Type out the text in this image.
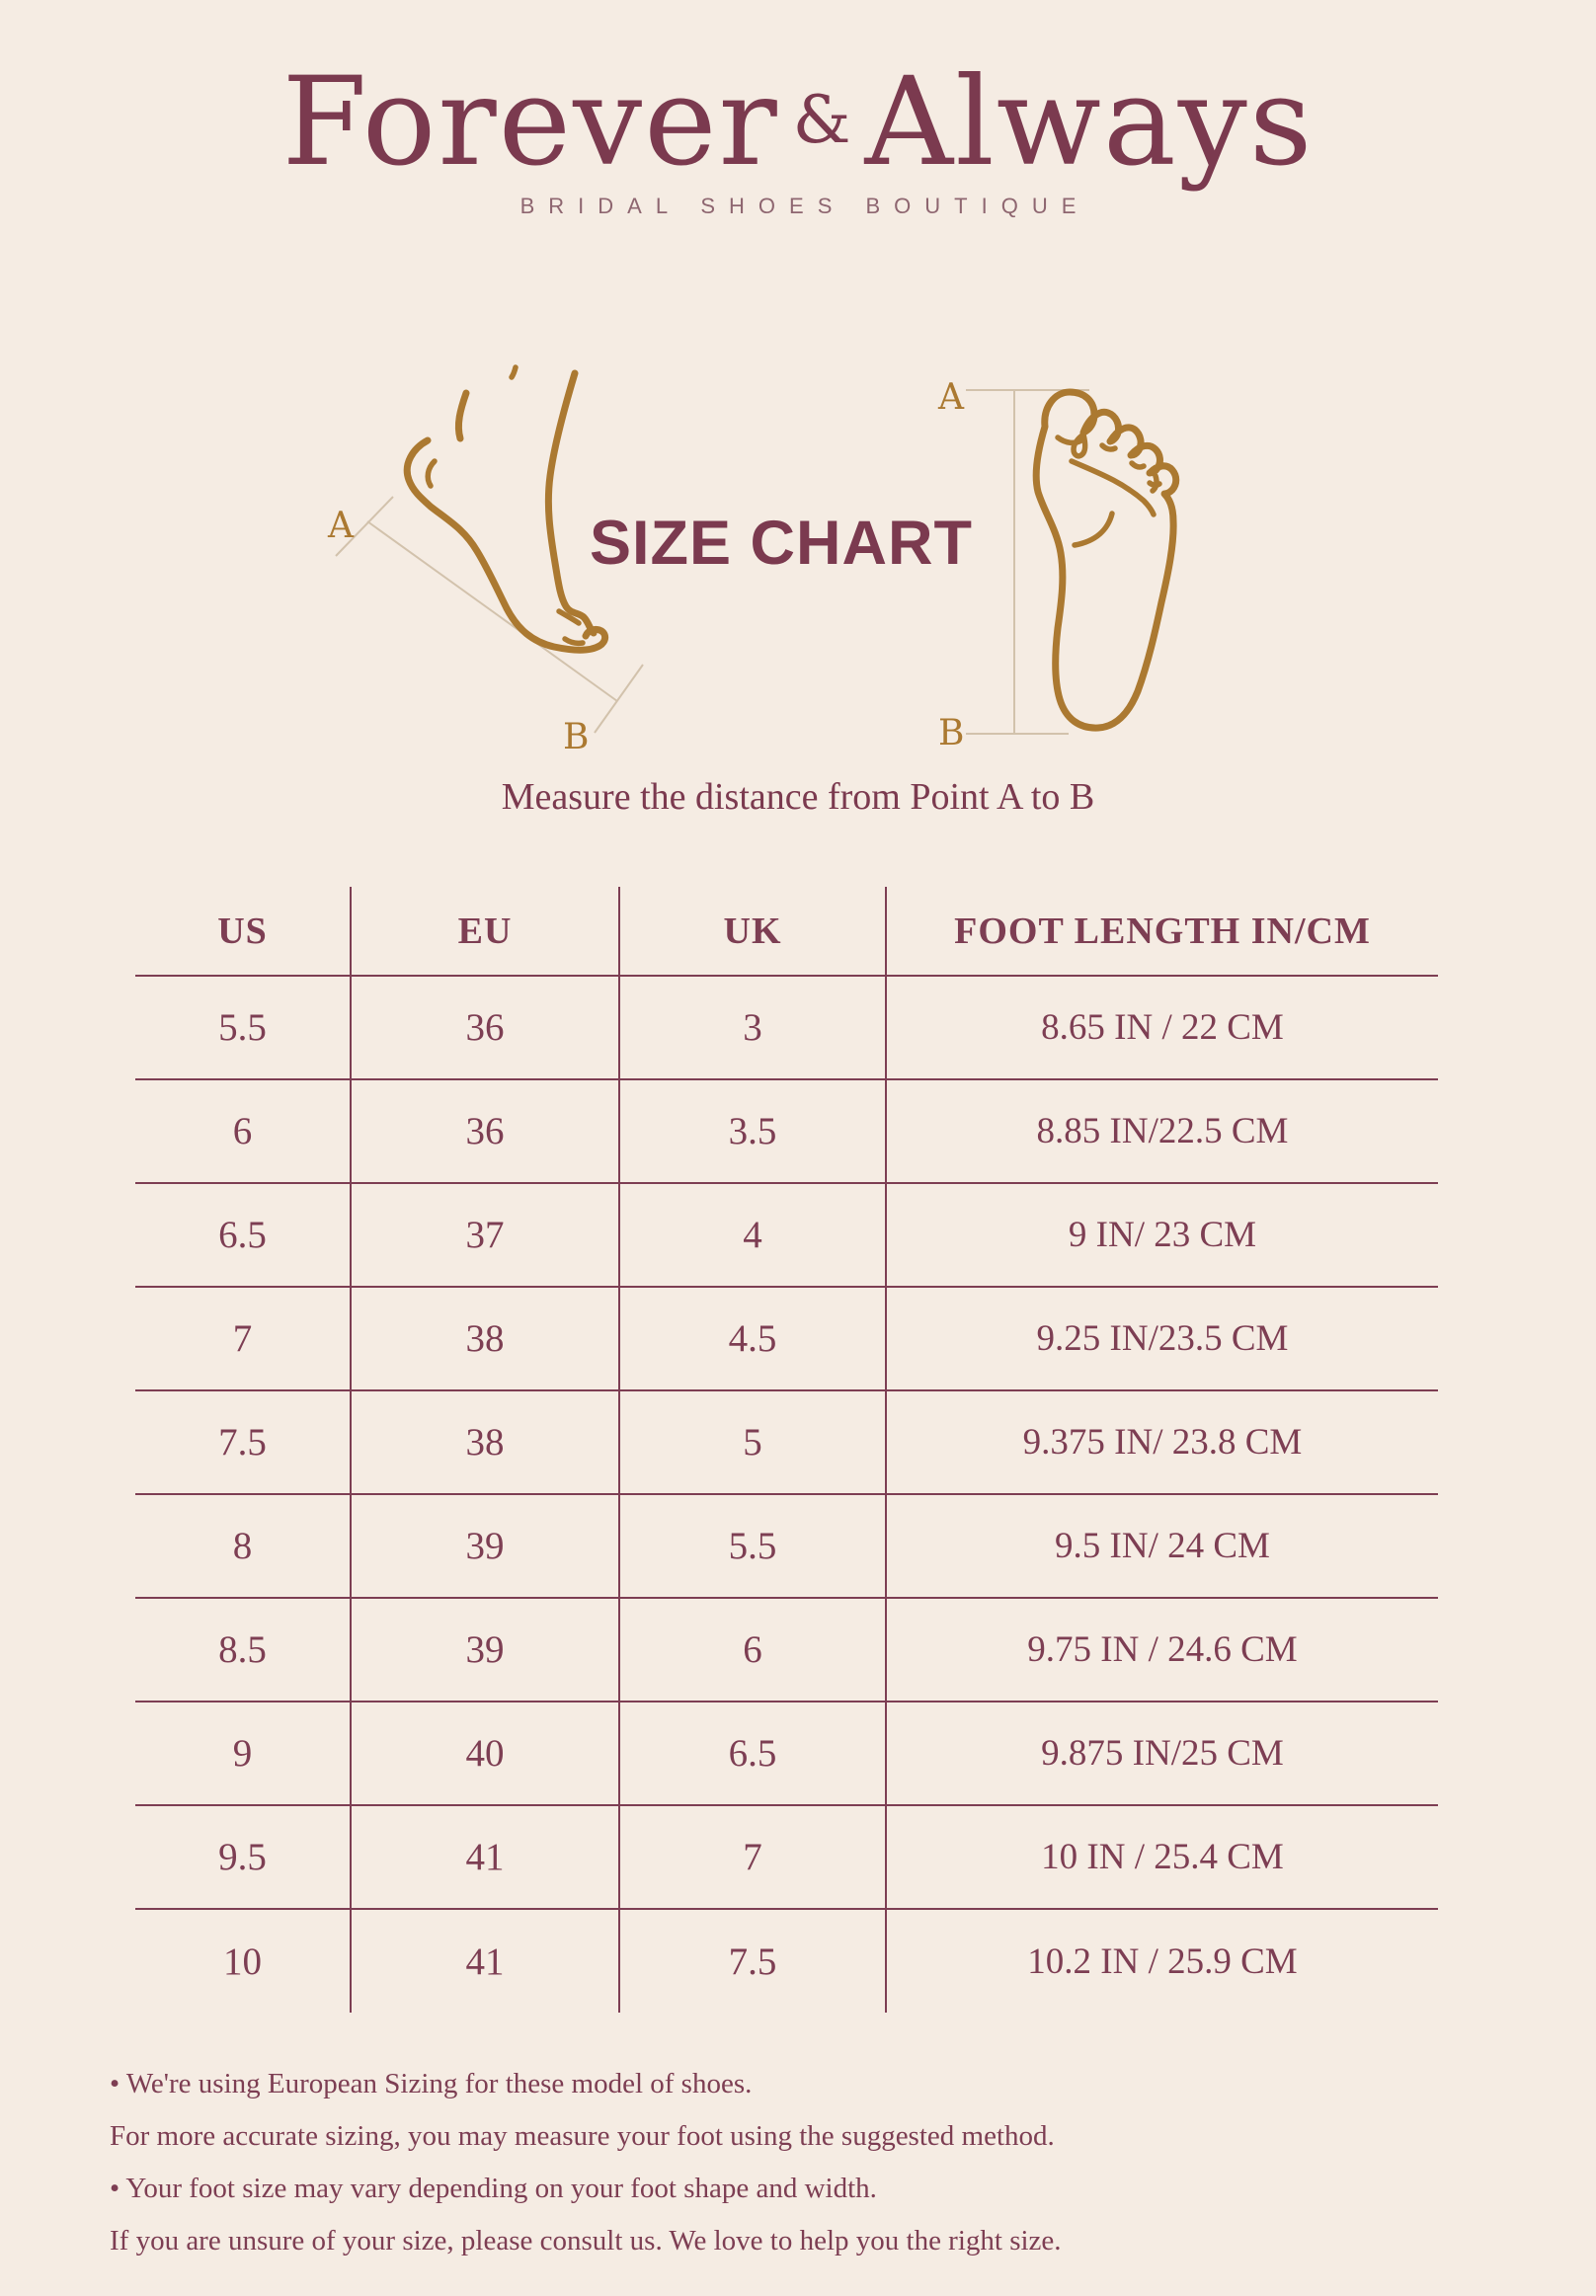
Forever & Always
BRIDAL SHOES BOUTIQUE
A
B
SIZE CHART
A
B

Measure the distance from Point A to B

US	EU	UK	FOOT LENGTH IN/CM
5.5	36	3	8.65 IN / 22 CM
6	36	3.5	8.85 IN/22.5 CM
6.5	37	4	9 IN/ 23 CM
7	38	4.5	9.25 IN/23.5 CM
7.5	38	5	9.375 IN/ 23.8 CM
8	39	5.5	9.5 IN/ 24 CM
8.5	39	6	9.75 IN / 24.6 CM
9	40	6.5	9.875 IN/25 CM
9.5	41	7	10 IN / 25.4 CM
10	41	7.5	10.2 IN / 25.9 CM

• We're using European Sizing for these model of shoes.

For more accurate sizing, you may measure your foot using the suggested method.

• Your foot size may vary depending on your foot shape and width.

If you are unsure of your size, please consult us. We love to help you the right size.
